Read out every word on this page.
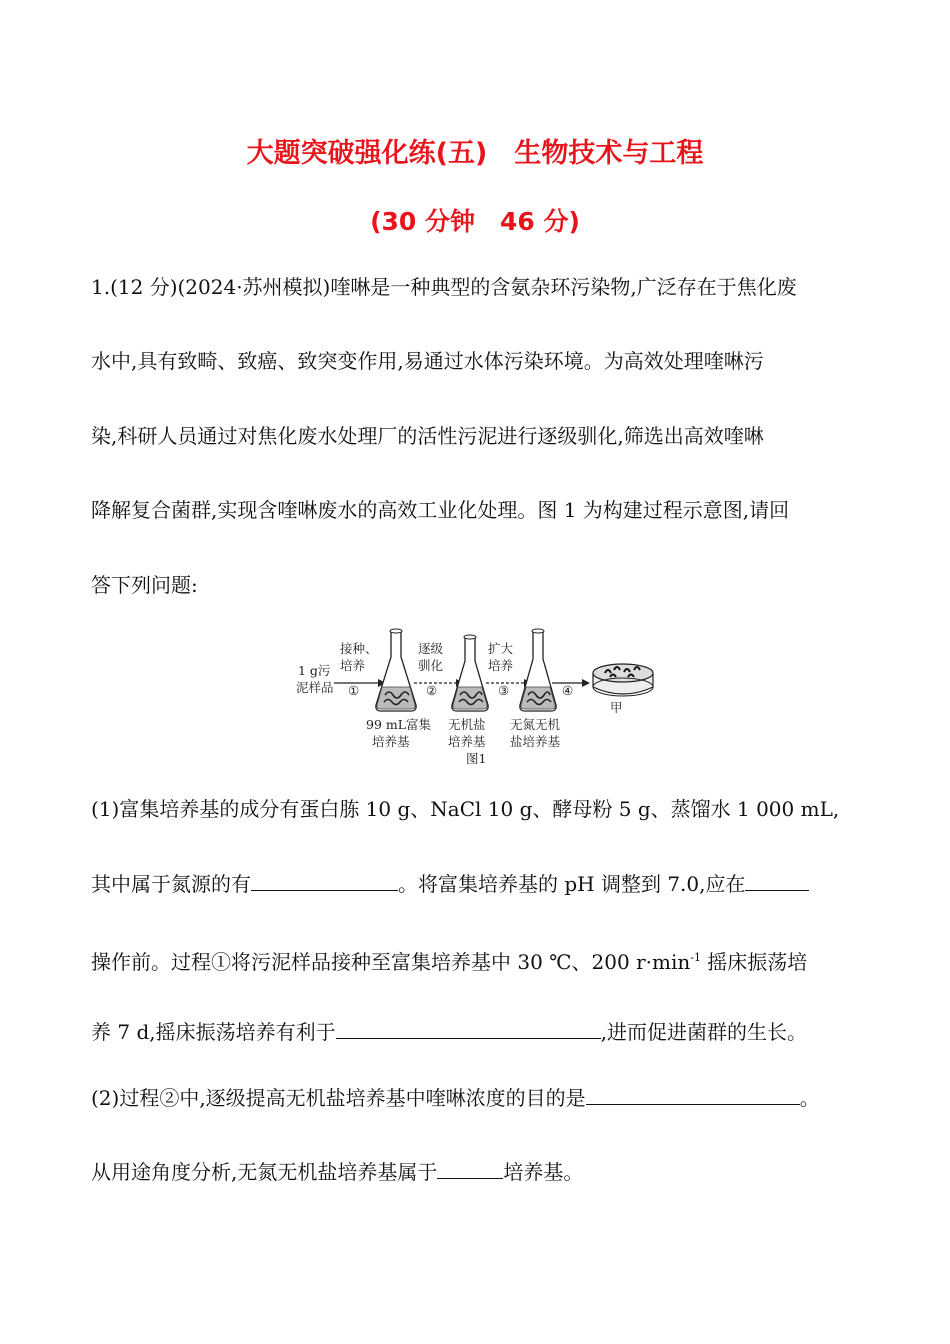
大题突破强化练(五)　生物技术与工程
(30 分钟　46 分)
1.(12 分)(2024·苏州模拟)喹啉是一种典型的含氨杂环污染物,广泛存在于焦化废
水中,具有致畸、致癌、致突变作用,易通过水体污染环境。为高效处理喹啉污
染,科研人员通过对焦化废水处理厂的活性污泥进行逐级驯化,筛选出高效喹啉
降解复合菌群,实现含喹啉废水的高效工业化处理。图 1 为构建过程示意图,请回
答下列问题:
1 g污
泥样品
接种、
培养
①
99 mL富集
培养基
逐级
驯化
②
无机盐
培养基
扩大
培养
③
无氮无机
盐培养基
④
甲
图1
(1)富集培养基的成分有蛋白胨 10 g、NaCl 10 g、酵母粉 5 g、蒸馏水 1 000 mL,
其中属于氮源的有	。将富集培养基的 pH 调整到 7.0,应在
操作前。过程①将污泥样品接种至富集培养基中 30 ℃、200 $r\cdot\min^{-1}$ 摇床振荡培
养 7 d,摇床振荡培养有利于	,进而促进菌群的生长。
(2)过程②中,逐级提高无机盐培养基中喹啉浓度的目的是	。
从用途角度分析,无氮无机盐培养基属于	培养基。
